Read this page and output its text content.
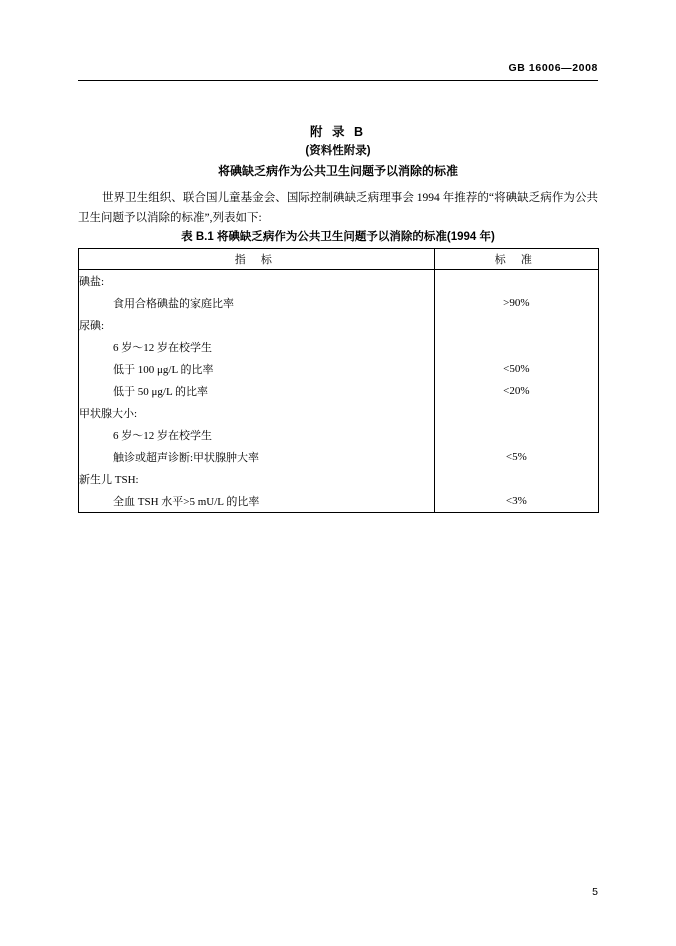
GB 16006—2008
附 录 B
(资料性附录)
将碘缺乏病作为公共卫生问题予以消除的标准
世界卫生组织、联合国儿童基金会、国际控制碘缺乏病理事会 1994 年推荐的“将碘缺乏病作为公共卫生问题予以消除的标准”,列表如下:
表 B.1 将碘缺乏病作为公共卫生问题予以消除的标准(1994 年)
指 标	标 准
碘盐:	
食用合格碘盐的家庭比率	>90%
尿碘:	
6 岁～12 岁在校学生	
低于 100 μg/L 的比率	<50%
低于 50 μg/L 的比率	<20%
甲状腺大小:	
6 岁～12 岁在校学生	
触诊或超声诊断:甲状腺肿大率	<5%
新生儿 TSH:	
全血 TSH 水平>5 mU/L 的比率	<3%
5
